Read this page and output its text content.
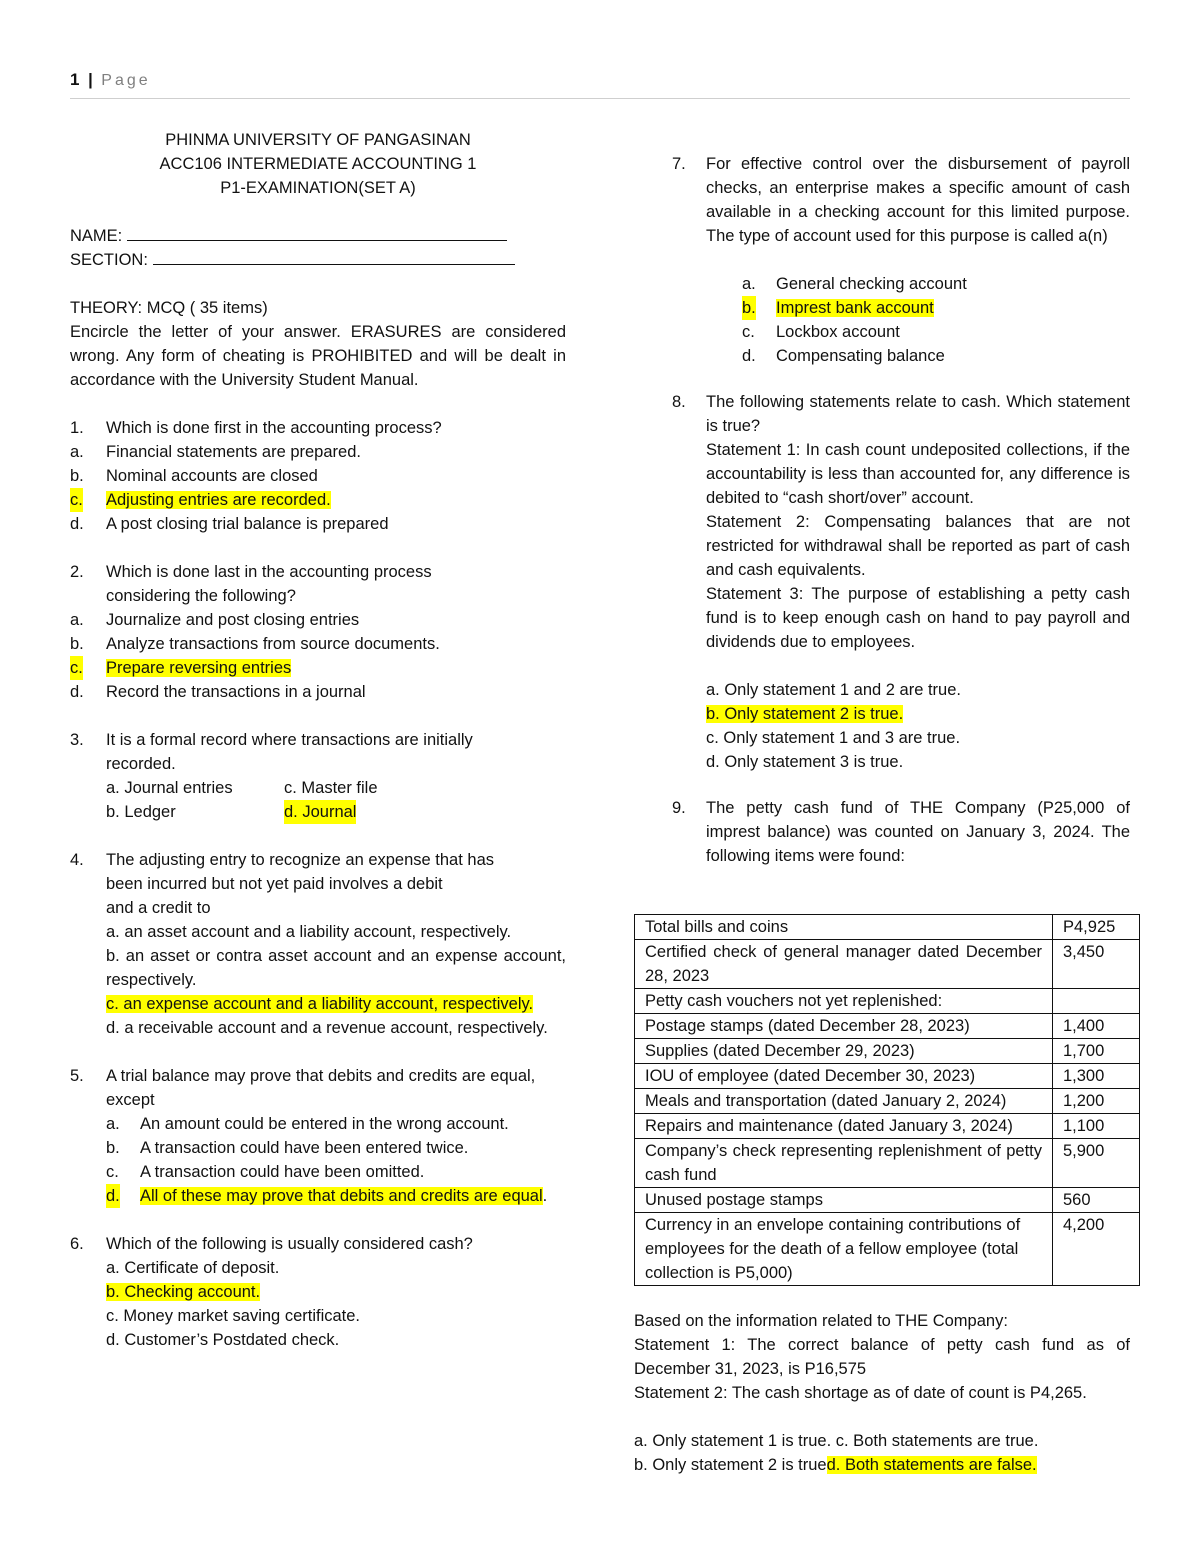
1 | Page
PHINMA UNIVERSITY OF PANGASINAN
ACC106 INTERMEDIATE ACCOUNTING 1
P1-EXAMINATION(SET A)
NAME:
SECTION:
THEORY: MCQ ( 35 items)
Encircle the letter of your answer. ERASURES are considered wrong. Any form of cheating is PROHIBITED and will be dealt in accordance with the University Student Manual.
1. Which is done first in the accounting process?
a. Financial statements are prepared.
b. Nominal accounts are closed
c. Adjusting entries are recorded.
d. A post closing trial balance is prepared
2. Which is done last in the accounting process
considering the following?
a. Journalize and post closing entries
b. Analyze transactions from source documents.
c. Prepare reversing entries
d. Record the transactions in a journal
3. It is a formal record where transactions are initially
recorded.
a. Journal entries	c. Master file
b. Ledger	d. Journal
4. The adjusting entry to recognize an expense that has
been incurred but not yet paid involves a debit
and a credit to
a. an asset account and a liability account, respectively.
b. an asset or contra asset account and an expense account, respectively.
c. an expense account and a liability account, respectively.
d. a receivable account and a revenue account, respectively.
5. A trial balance may prove that debits and credits are equal, except
a. An amount could be entered in the wrong account.
b. A transaction could have been entered twice.
c. A transaction could have been omitted.
d. All of these may prove that debits and credits are equal.
6. Which of the following is usually considered cash?
a. Certificate of deposit.
b. Checking account.
c. Money market saving certificate.
d. Customer’s Postdated check.
7. For effective control over the disbursement of payroll checks, an enterprise makes a specific amount of cash available in a checking account for this limited purpose. The type of account used for this purpose is called a(n)
a. General checking account
b. Imprest bank account
c. Lockbox account
d. Compensating balance
8. The following statements relate to cash. Which statement is true?
Statement 1: In cash count undeposited collections, if the accountability is less than accounted for, any difference is debited to “cash short/over” account.
Statement 2: Compensating balances that are not restricted for withdrawal shall be reported as part of cash and cash equivalents.
Statement 3: The purpose of establishing a petty cash fund is to keep enough cash on hand to pay payroll and dividends due to employees.
a. Only statement 1 and 2 are true.
b. Only statement 2 is true.
c. Only statement 1 and 3 are true.
d. Only statement 3 is true.
9. The petty cash fund of THE Company (P25,000 of imprest balance) was counted on January 3, 2024. The following items were found:
Total bills and coins	P4,925
Certified check of general manager dated December 28, 2023	3,450
Petty cash vouchers not yet replenished:	
Postage stamps (dated December 28, 2023)	1,400
Supplies (dated December 29, 2023)	1,700
IOU of employee (dated December 30, 2023)	1,300
Meals and transportation (dated January 2, 2024)	1,200
Repairs and maintenance (dated January 3, 2024)	1,100
Company’s check representing replenishment of petty cash fund	5,900
Unused postage stamps	560
Currency in an envelope containing contributions of employees for the death of a fellow employee (total collection is P5,000)	4,200
Based on the information related to THE Company:
Statement 1: The correct balance of petty cash fund as of December 31, 2023, is P16,575
Statement 2: The cash shortage as of date of count is P4,265.
a. Only statement 1 is true. c. Both statements are true.
b. Only statement 2 is trued. Both statements are false.
